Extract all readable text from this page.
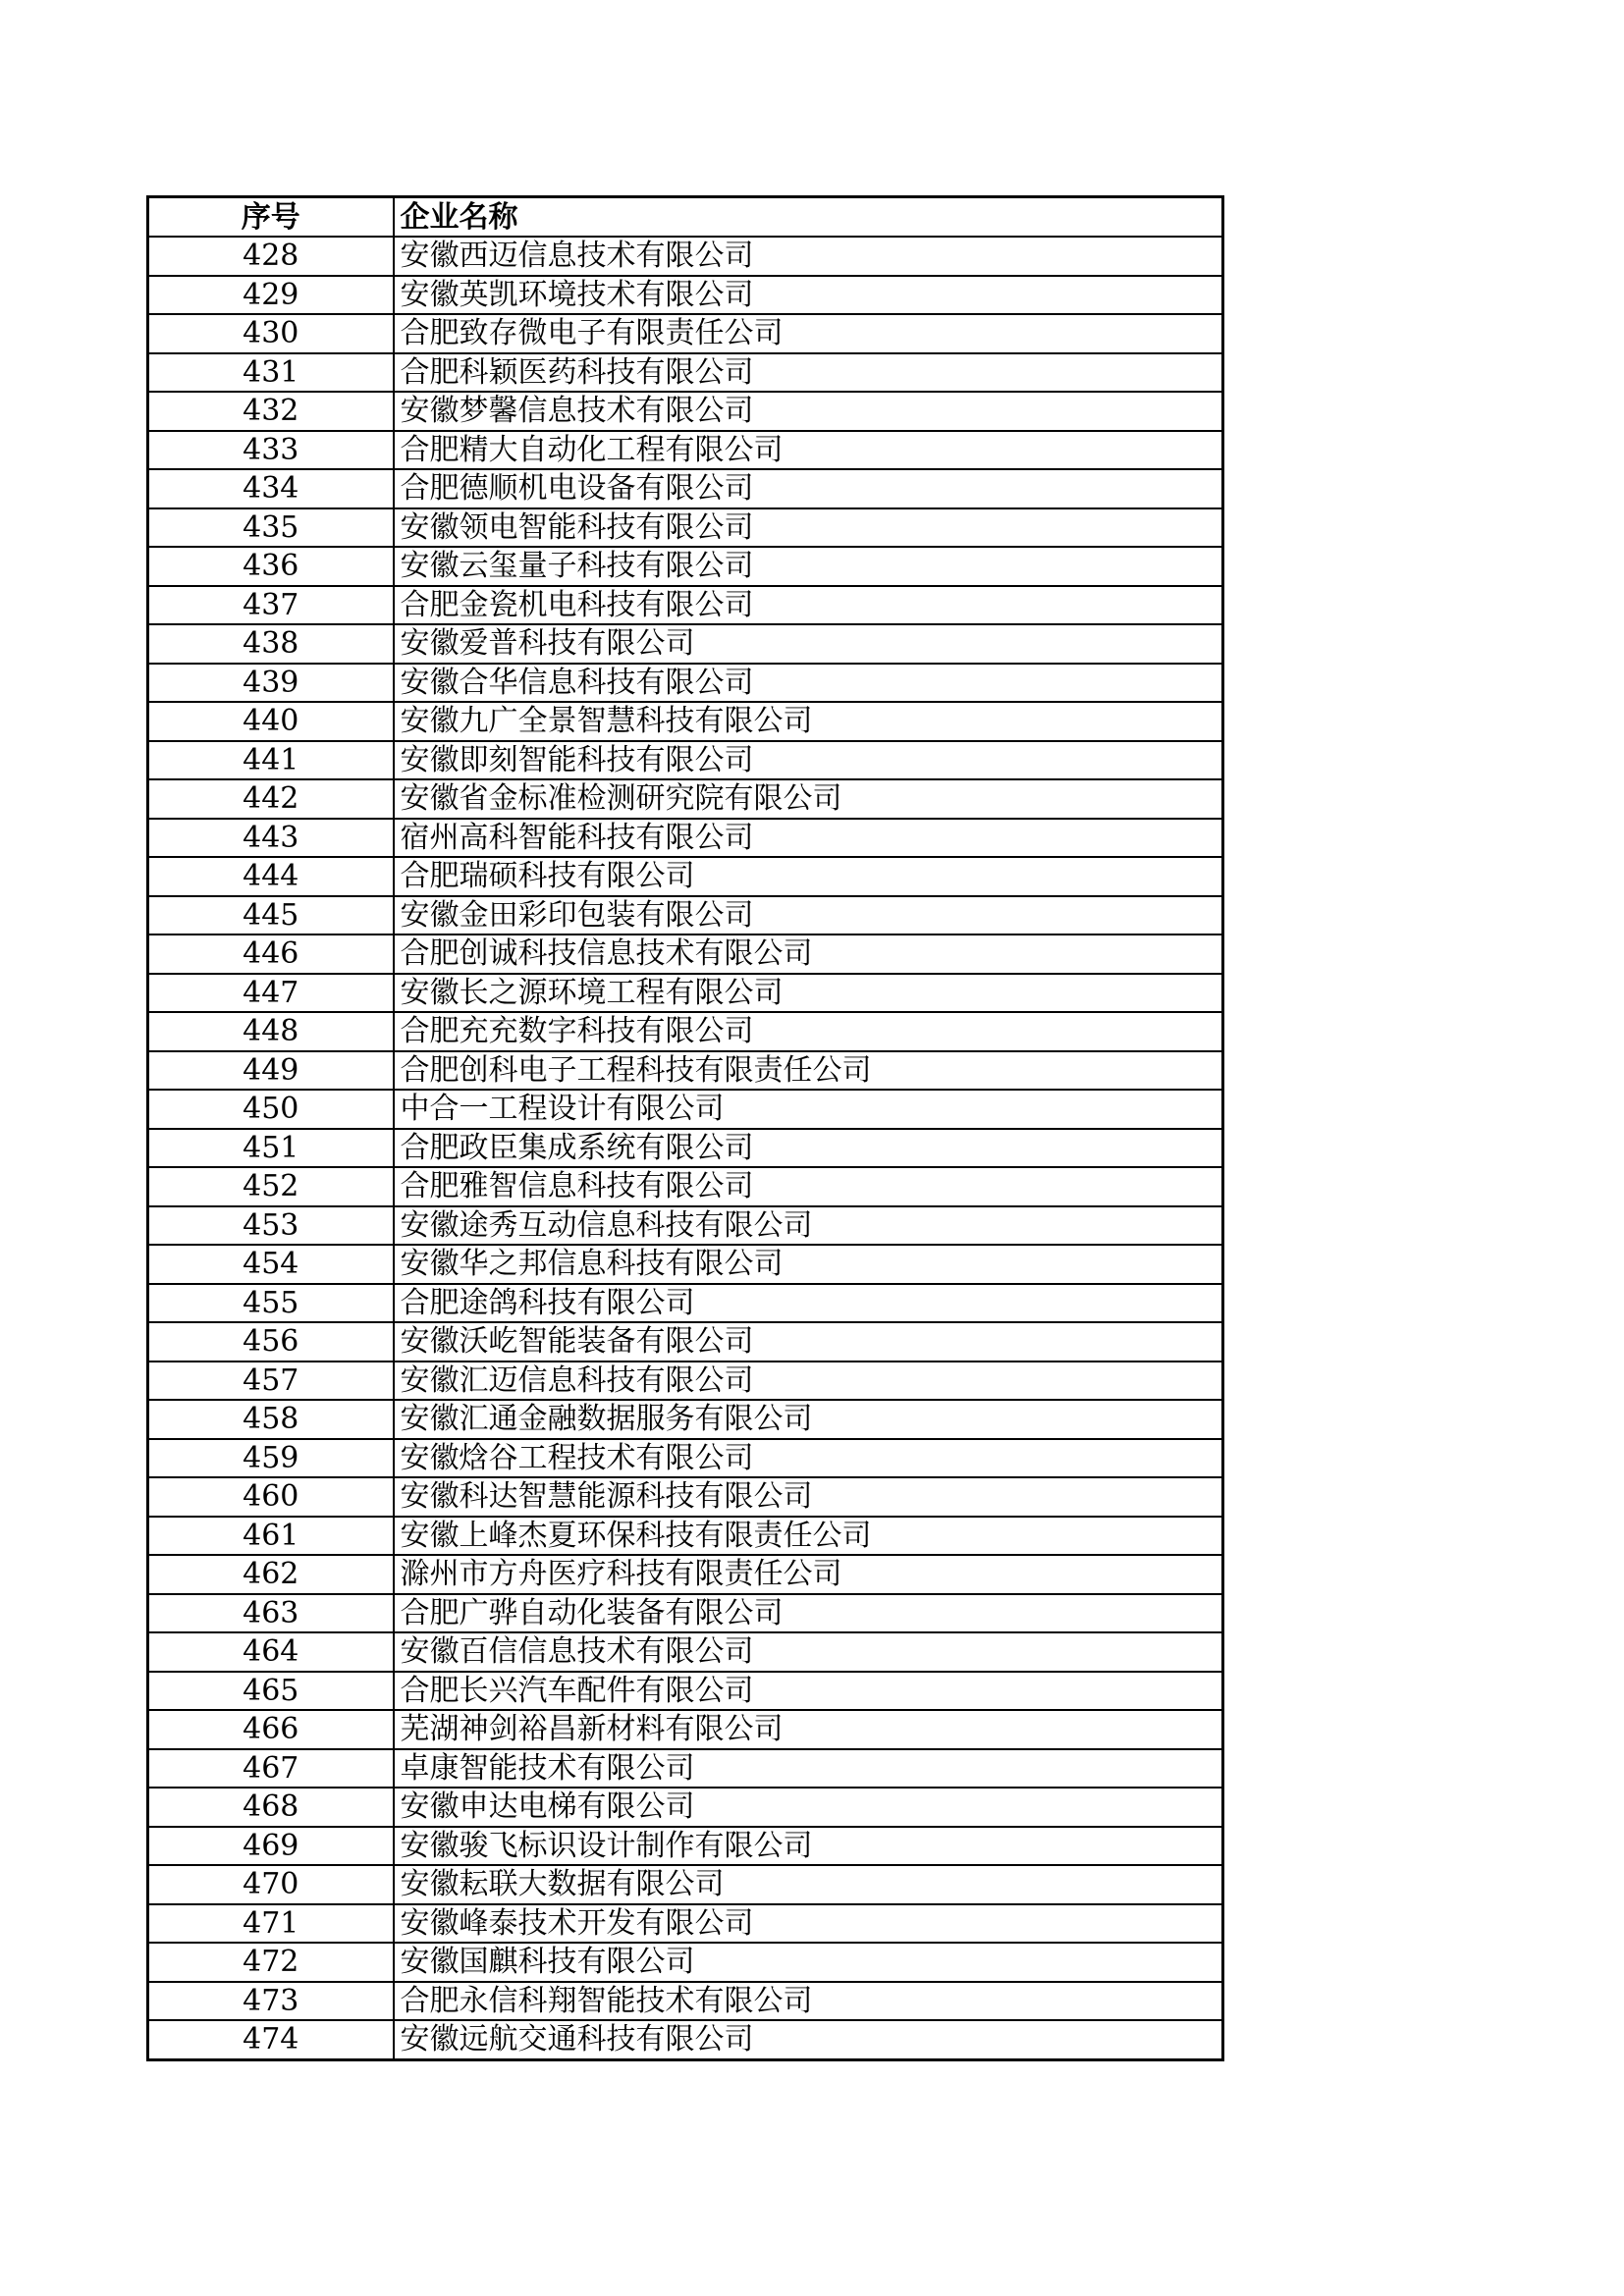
序号	企业名称
428	安徽西迈信息技术有限公司
429	安徽英凯环境技术有限公司
430	合肥致存微电子有限责任公司
431	合肥科颖医药科技有限公司
432	安徽梦馨信息技术有限公司
433	合肥精大自动化工程有限公司
434	合肥德顺机电设备有限公司
435	安徽领电智能科技有限公司
436	安徽云玺量子科技有限公司
437	合肥金瓷机电科技有限公司
438	安徽爱普科技有限公司
439	安徽合华信息科技有限公司
440	安徽九广全景智慧科技有限公司
441	安徽即刻智能科技有限公司
442	安徽省金标准检测研究院有限公司
443	宿州高科智能科技有限公司
444	合肥瑞硕科技有限公司
445	安徽金田彩印包装有限公司
446	合肥创诚科技信息技术有限公司
447	安徽长之源环境工程有限公司
448	合肥充充数字科技有限公司
449	合肥创科电子工程科技有限责任公司
450	中合一工程设计有限公司
451	合肥政臣集成系统有限公司
452	合肥雅智信息科技有限公司
453	安徽途秀互动信息科技有限公司
454	安徽华之邦信息科技有限公司
455	合肥途鸽科技有限公司
456	安徽沃屹智能装备有限公司
457	安徽汇迈信息科技有限公司
458	安徽汇通金融数据服务有限公司
459	安徽焓谷工程技术有限公司
460	安徽科达智慧能源科技有限公司
461	安徽上峰杰夏环保科技有限责任公司
462	滁州市方舟医疗科技有限责任公司
463	合肥广骅自动化装备有限公司
464	安徽百信信息技术有限公司
465	合肥长兴汽车配件有限公司
466	芜湖神剑裕昌新材料有限公司
467	卓康智能技术有限公司
468	安徽申达电梯有限公司
469	安徽骏飞标识设计制作有限公司
470	安徽耘联大数据有限公司
471	安徽峰泰技术开发有限公司
472	安徽国麒科技有限公司
473	合肥永信科翔智能技术有限公司
474	安徽远航交通科技有限公司
